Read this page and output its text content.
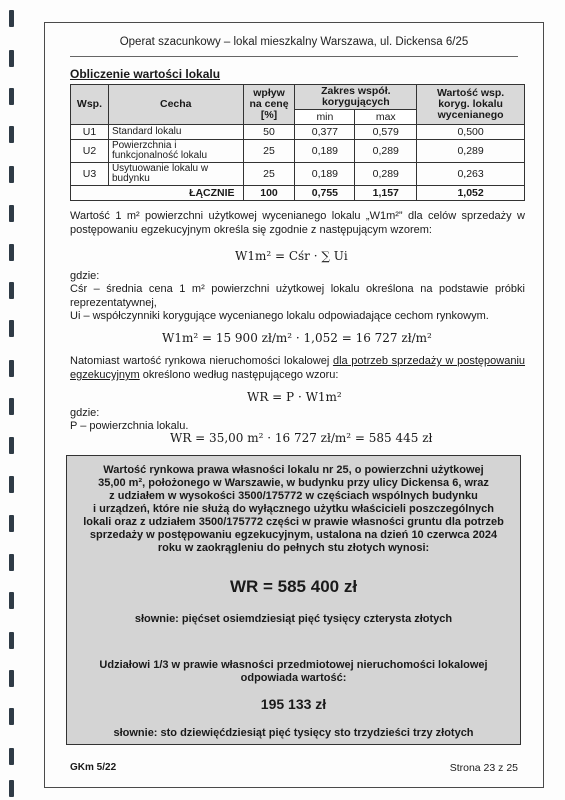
Operat szacunkowy – lokal mieszkalny Warszawa, ul. Dickensa 6/25
Obliczenie wartości lokalu
Wsp.	Cecha	wpływ na cenę [%]	Zakres współ. korygujących		Wartość wsp. koryg. lokalu wycenianego
			min	max	
U1	Standard lokalu	50	0,377	0,579	0,500
U2	Powierzchnia i funkcjonalność lokalu	25	0,189	0,289	0,289
U3	Usytuowanie lokalu w budynku	25	0,189	0,289	0,263
ŁĄCZNIE		100	0,755	1,157	1,052
Wartość 1 m² powierzchni użytkowej wycenianego lokalu „W1m²” dla celów sprzedaży w postępowaniu egzekucyjnym określa się zgodnie z następującym wzorem:
W1m² = Cśr · ∑ Ui
gdzie:
Cśr – średnia cena 1 m² powierzchni użytkowej lokalu określona na podstawie próbki reprezentatywnej,
Ui – współczynniki korygujące wycenianego lokalu odpowiadające cechom rynkowym.
W1m² = 15 900 zł/m² · 1,052 = 16 727 zł/m²
Natomiast wartość rynkowa nieruchomości lokalowej dla potrzeb sprzedaży w postępowaniu egzekucyjnym określono według następującego wzoru:
WR = P · W1m²
gdzie:
P – powierzchnia lokalu.
WR = 35,00 m² · 16 727 zł/m² = 585 445 zł
Wartość rynkowa prawa własności lokalu nr 25, o powierzchni użytkowej
35,00 m², położonego w Warszawie, w budynku przy ulicy Dickensa 6, wraz
z udziałem w wysokości 3500/175772 w częściach wspólnych budynku
i urządzeń, które nie służą do wyłącznego użytku właścicieli poszczególnych
lokali oraz z udziałem 3500/175772 części w prawie własności gruntu dla potrzeb
sprzedaży w postępowaniu egzekucyjnym, ustalona na dzień 10 czerwca 2024
roku w zaokrągleniu do pełnych stu złotych wynosi:
WR = 585 400 zł
słownie: pięćset osiemdziesiąt pięć tysięcy czterysta złotych
Udziałowi 1/3 w prawie własności przedmiotowej nieruchomości lokalowej
odpowiada wartość:
195 133 zł
słownie: sto dziewięćdziesiąt pięć tysięcy sto trzydzieści trzy złotych
GKm 5/22	Strona 23 z 25
